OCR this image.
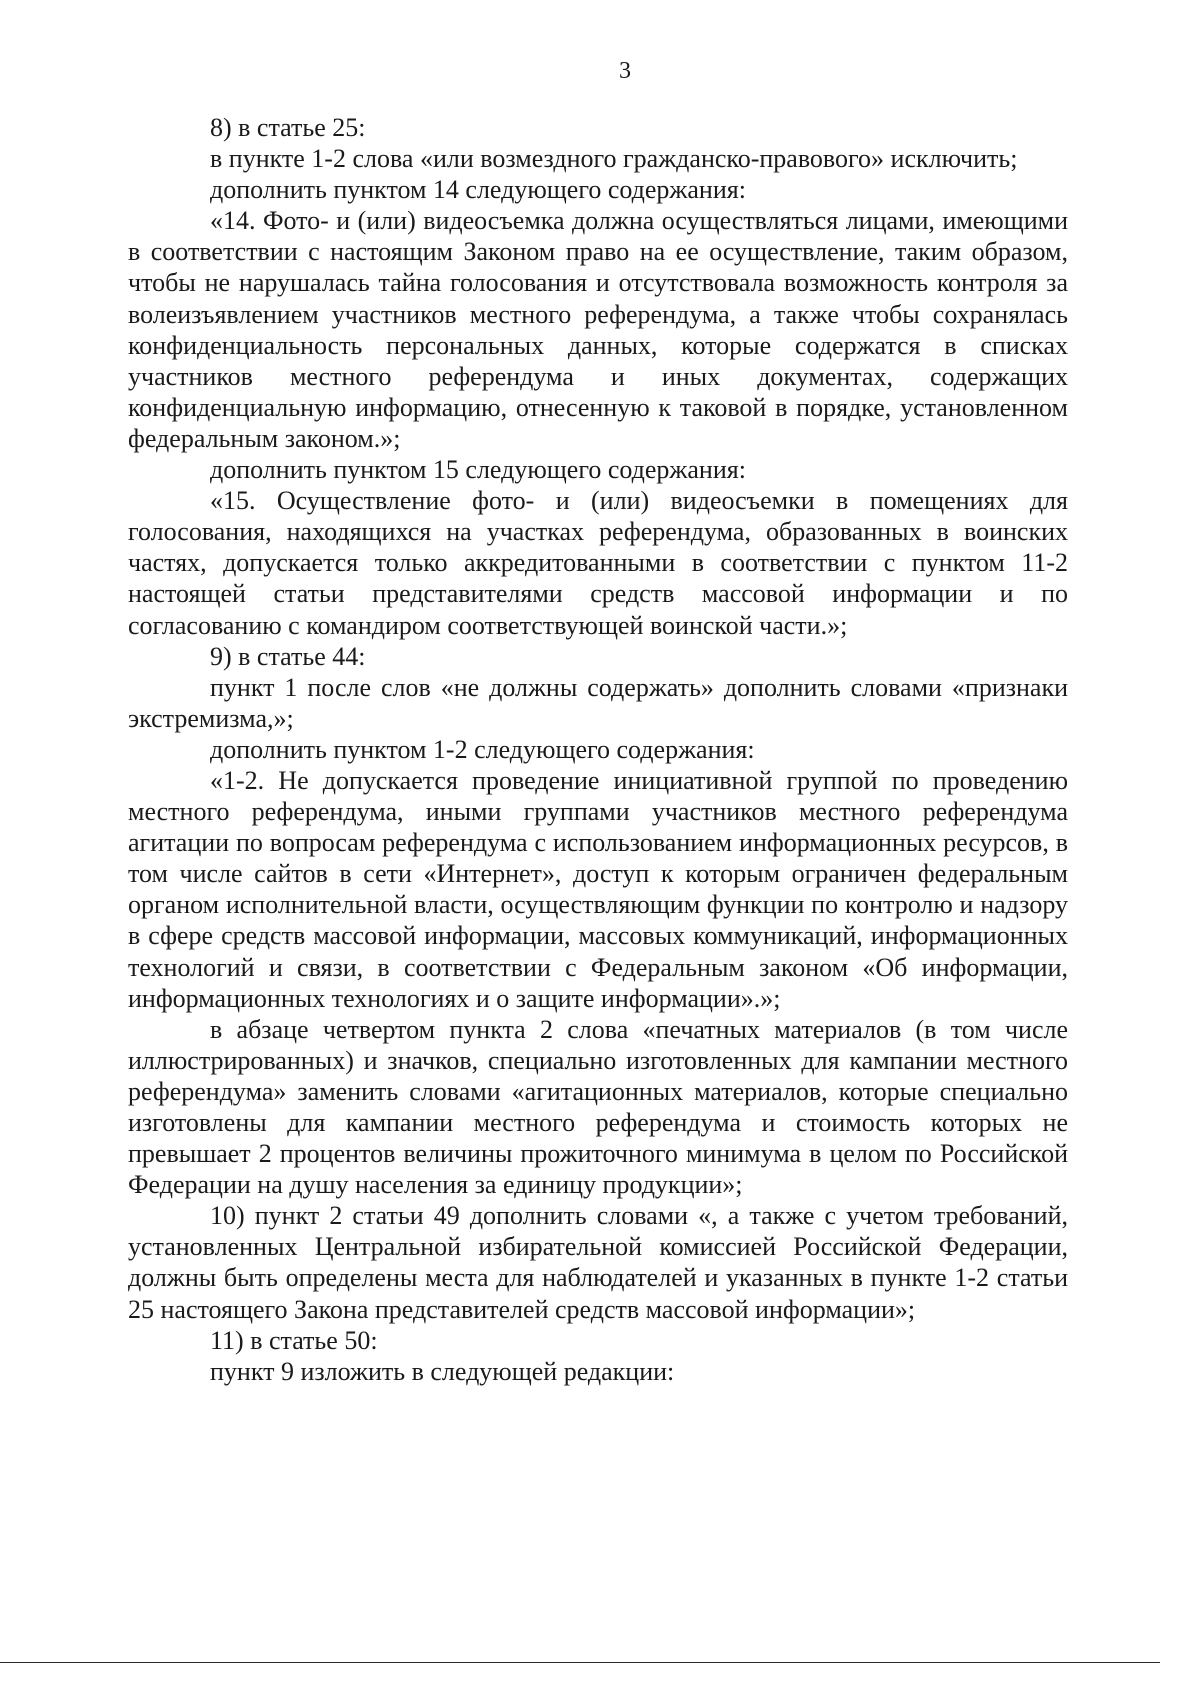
3

8) в статье 25:

в пункте 1-2 слова «или возмездного гражданско-правового» исключить;

дополнить пунктом 14 следующего содержания:

«14. Фото- и (или) видеосъемка должна осуществляться лицами, имеющими в соответствии с настоящим Законом право на ее осуществление, таким образом, чтобы не нарушалась тайна голосования и отсутствовала возможность контроля за волеизъявлением участников местного референдума, а также чтобы сохранялась конфиденциальность персональных данных, которые содержатся в списках участников местного референдума и иных документах, содержащих конфиденциальную информацию, отнесенную к таковой в порядке, установленном федеральным законом.»;

дополнить пунктом 15 следующего содержания:

«15. Осуществление фото- и (или) видеосъемки в помещениях для голосования, находящихся на участках референдума, образованных в воинских частях, допускается только аккредитованными в соответствии с пунктом 11-2 настоящей статьи представителями средств массовой информации и по согласованию с командиром соответствующей воинской части.»;

9) в статье 44:

пункт 1 после слов «не должны содержать» дополнить словами «признаки экстремизма,»;

дополнить пунктом 1-2 следующего содержания:

«1-2. Не допускается проведение инициативной группой по проведению местного референдума, иными группами участников местного референдума агитации по вопросам референдума с использованием информационных ресурсов, в том числе сайтов в сети «Интернет», доступ к которым ограничен федеральным органом исполнительной власти, осуществляющим функции по контролю и надзору в сфере средств массовой информации, массовых коммуникаций, информационных технологий и связи, в соответствии с Федеральным законом «Об информации, информационных технологиях и о защите информации».»;

в абзаце четвертом пункта 2 слова «печатных материалов (в том числе иллюстрированных) и значков, специально изготовленных для кампании местного референдума» заменить словами «агитационных материалов, которые специально изготовлены для кампании местного референдума и стоимость которых не превышает 2 процентов величины прожиточного минимума в целом по Российской Федерации на душу населения за единицу продукции»;

10) пункт 2 статьи 49 дополнить словами «, а также с учетом требований, установленных Центральной избирательной комиссией Российской Федерации, должны быть определены места для наблюдателей и указанных в пункте 1-2 статьи 25 настоящего Закона представителей средств массовой информации»;

11) в статье 50:

пункт 9 изложить в следующей редакции:
